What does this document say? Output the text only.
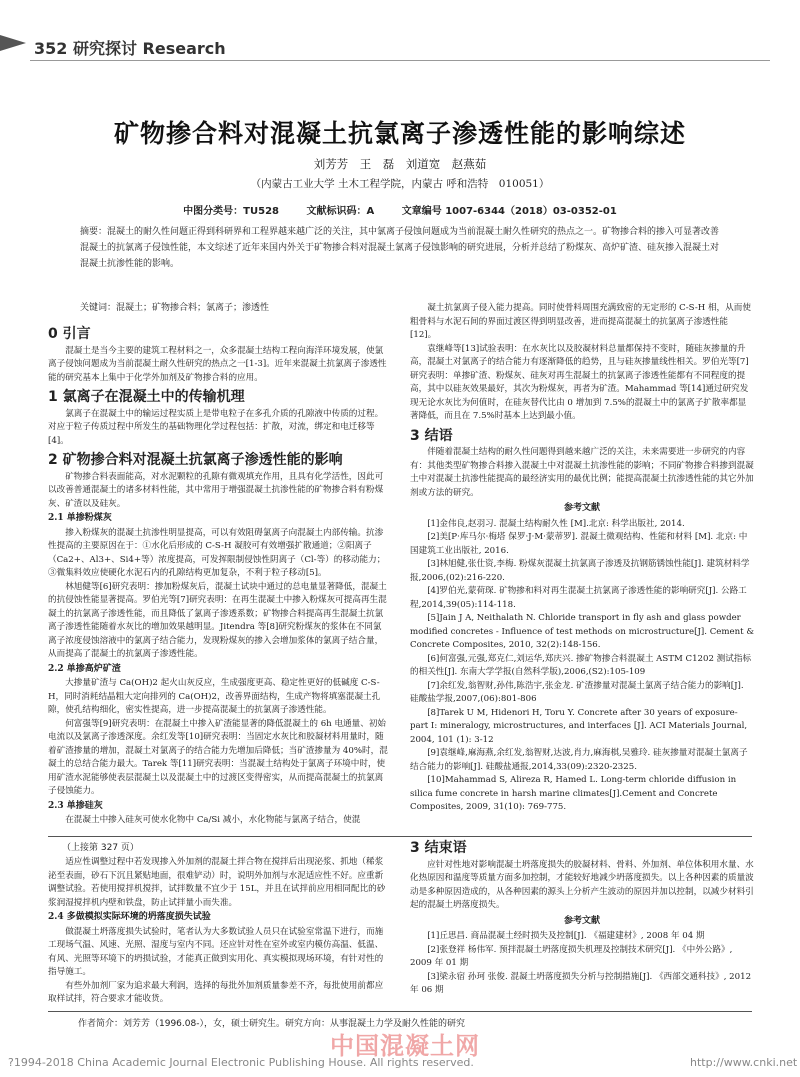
352 研究探讨 Research
矿物掺合料对混凝土抗氯离子渗透性能的影响综述
刘芳芳　王　磊　刘道宽　赵燕茹
（内蒙古工业大学 土木工程学院，内蒙古 呼和浩特　010051）
中图分类号：TU528	文献标识码：A	文章编号 1007-6344（2018）03-0352-01
摘要：混凝土的耐久性问题正得到科研界和工程界越来越广泛的关注，其中氯离子侵蚀问题成为当前混凝土耐久性研究的热点之一。矿物掺合料的掺入可显著改善混凝土的抗氯离子侵蚀性能，本文综述了近年来国内外关于矿物掺合料对混凝土氯离子侵蚀影响的研究进展，分析并总结了粉煤灰、高炉矿渣、硅灰掺入混凝土对混凝土抗渗性能的影响。
关键词：混凝土；矿物掺合料；氯离子；渗透性
0 引言

混凝土是当今主要的建筑工程材料之一，众多混凝土结构工程向海洋环境发展，使氯离子侵蚀问题成为当前混凝土耐久性研究的热点之一[1-3]。近年来混凝土抗氯离子渗透性能的研究基本上集中于化学外加剂及矿物掺合料的应用。

1 氯离子在混凝土中的传输机理

氯离子在混凝土中的输运过程实质上是带电粒子在多孔介质的孔隙液中传质的过程。对应于粒子传质过程中所发生的基础物理化学过程包括：扩散，对流，绑定和电迁移等[4]。

2 矿物掺合料对混凝土抗氯离子渗透性能的影响

矿物掺合料表面能高，对水泥颗粒的孔隙有微观填充作用，且具有化学活性，因此可以改善普通混凝土的诸多材料性能，其中常用于增强混凝土抗渗性能的矿物掺合料有粉煤灰、矿渣以及硅灰。

2.1 单掺粉煤灰

掺入粉煤灰的混凝土抗渗性明显提高，可以有效阻碍氯离子向混凝土内部传输。抗渗性提高的主要原因在于：①水化后形成的 C-S-H 凝胶可有效增强扩散通道；②阳离子（Ca2+、Al3+、Si4+等）浓度提高，可发挥限制侵蚀性阴离子（Cl-等）的移动能力；③微集料效应使硬化水泥石内的孔隙结构更加复杂，不利于粒子移动[5]。

林旭健等[6]研究表明：掺加粉煤灰后，混凝土试块中通过的总电量显著降低，混凝土的抗侵蚀性能显著提高。罗伯光等[7]研究表明：在再生混凝土中掺入粉煤灰可提高再生混凝土的抗氯离子渗透性能，而且降低了氯离子渗透系数；矿物掺合料提高再生混凝土抗氯离子渗透性能随着水灰比的增加效果越明显。Jitendra 等[8]研究粉煤灰的浆体在不同氯离子浓度侵蚀溶液中的氯离子结合能力，发现粉煤灰的掺入会增加浆体的氯离子结合量，从而提高了混凝土的抗氯离子渗透性能。

2.2 单掺高炉矿渣

大掺量矿渣与 Ca(OH)2 起火山灰反应，生成强度更高、稳定性更好的低碱度 C-S-H，同时消耗结晶粗大定向排列的 Ca(OH)2，改善界面结构，生成产物将填塞混凝土孔隙，使孔结构细化，密实性提高，进一步提高混凝土的抗氯离子渗透性能。

何富强等[9]研究表明：在混凝土中掺入矿渣能显著的降低混凝土的 6h 电通量、初始电流以及氯离子渗透深度。余红发等[10]研究表明：当固定水灰比和胶凝材料用量时，随着矿渣掺量的增加，混凝土对氯离子的结合能力先增加后降低；当矿渣掺量为 40%时，混凝土的总结合能力最大。Tarek 等[11]研究表明：当混凝土结构处于氯离子环境中时，使用矿渣水泥能够使表层混凝土以及混凝土中的过渡区变得密实，从而提高混凝土的抗氯离子侵蚀能力。

2.3 单掺硅灰

在混凝土中掺入硅灰可使水化物中 Ca/Si 减小，水化物能与氯离子结合，使混

凝土抗氯离子侵入能力提高。同时使骨料周围充满致密的无定形的 C-S-H 相，从而使粗骨料与水泥石间的界面过渡区得到明显改善，进而提高混凝土的抗氯离子渗透性能[12]。

袁继峰等[13]试验表明：在水灰比以及胶凝材料总量都保持不变时，随硅灰掺量的升高，混凝土对氯离子的结合能力有逐渐降低的趋势，且与硅灰掺量线性相关。罗伯光等[7]研究表明：单掺矿渣、粉煤灰、硅灰对再生混凝土的抗氯离子渗透性能都有不同程度的提高，其中以硅灰效果最好，其次为粉煤灰，再者为矿渣。Mahammad 等[14]通过研究发现无论水灰比为何值时，在硅灰替代比由 0 增加到 7.5%的混凝土中的氯离子扩散率都显著降低，而且在 7.5%时基本上达到最小值。

3 结语

伴随着混凝土结构的耐久性问题得到越来越广泛的关注，未来需要进一步研究的内容有：其他类型矿物掺合料掺入混凝土中对混凝土抗渗性能的影响；不同矿物掺合料掺到混凝土中对混凝土抗渗性能提高的最经济实用的最优比例；能提高混凝土抗渗透性能的其它外加剂或方法的研究。

参考文献

[1]金伟良,赵羽习. 混凝土结构耐久性 [M].北京: 科学出版社, 2014.

[2]美[P·库马尔·梅塔 保罗·J·M·蒙蒂罗]. 混凝土微观结构、性能和材料 [M]. 北京: 中国建筑工业出版社, 2016.

[3]林旭健,张仕资,李梅. 粉煤灰混凝土抗氯离子渗透及抗钢筋锈蚀性能[J]. 建筑材料学报,2006,(02):216-220.

[4]罗伯光,蒙荷琛. 矿物掺和料对再生混凝土抗氯离子渗透性能的影响研究[J]. 公路工程,2014,39(05):114-118.

[5]Jain J A, Neithalath N. Chloride transport in fly ash and glass powder modified concretes - Influence of test methods on microstructure[J]. Cement & Concrete Composites, 2010, 32(2):148-156.

[6]何富强,元强,郑克仁,刘运华,郑庆兴. 掺矿物掺合料混凝土 ASTM C1202 测试指标的相关性[J]. 东南大学学报(自然科学版),2006,(S2):105-109

[7]余红发,翁智财,孙伟,陈浩宇,张金龙. 矿渣掺量对混凝土氯离子结合能力的影响[J]. 硅酸盐学报,2007,(06):801-806

[8]Tarek U M, Hidenori H, Toru Y. Concrete after 30 years of exposure-part I: mineralogy, microstructures, and interfaces [J]. ACI Materials Journal, 2004, 101 (1): 3-12

[9]袁继峰,麻海燕,余红发,翁智财,达波,肖力,麻海棋,吴雅玲. 硅灰掺量对混凝土氯离子结合能力的影响[J]. 硅酸盐通报,2014,33(09):2320-2325.

[10]Mahammad S, Alireza R, Hamed L. Long-term chloride diffusion in silica fume concrete in harsh marine climates[J].Cement and Concrete Composites, 2009, 31(10): 769-775.

（上接第 327 页）

适应性调整过程中若发现掺入外加剂的混凝土拌合物在搅拌后出现泌浆、抓地（稀浆泌至表面，砂石下沉且紧贴地面，很难铲动）时，说明外加剂与水泥适应性不好。应重新调整试验。若使用搅拌机搅拌，试拌数量不宜少于 15L，并且在试拌前应用相同配比的砂浆润湿搅拌机内壁和铁盘，防止试拌量小而失准。

2.4 多做模拟实际环境的坍落度损失试验

做混凝土坍落度损失试验时，笔者认为大多数试验人员只在试验室常温下进行，而施工现场气温、风速、光照、湿度与室内不同。还应针对性在室外或室内模仿高温、低温、有风、光照等环境下的坍损试验，才能真正做到实用化、真实模拟现场环境，有针对性的指导施工。

有些外加剂厂家为追求最大利润，选择的每批外加剂质量参差不齐，每批使用前都应取样试拌，符合要求才能收货。

3 结束语

应针对性地对影响混凝土坍落度损失的胶凝材料、骨料、外加剂、单位体积用水量、水化热原因和温度等质量方面多加控制，才能较好地减少坍落度损失。以上各种因素的质量波动是多种原因造成的，从各种因素的源头上分析产生波动的原因并加以控制，以减少材料引起的混凝土坍落度损失。

参考文献

[1]丘思昌. 商品混凝土经时损失及控制[J]. 《福建建材》, 2008 年 04 期

[2]张登祥 杨伟军. 预拌混凝土坍落度损失机理及控制技术研究[J]. 《中外公路》, 2009 年 01 期

[3]梁永宿 孙珂 张俊. 混凝土坍落度损失分析与控制措施[J]. 《西部交通科技》, 2012 年 06 期

作者简介：刘芳芳（1996.08-），女，硕士研究生。研究方向：从事混凝土力学及耐久性能的研究
中国混凝土网
?1994-2018 China Academic Journal Electronic Publishing House. All rights reserved.	http://www.cnki.net
